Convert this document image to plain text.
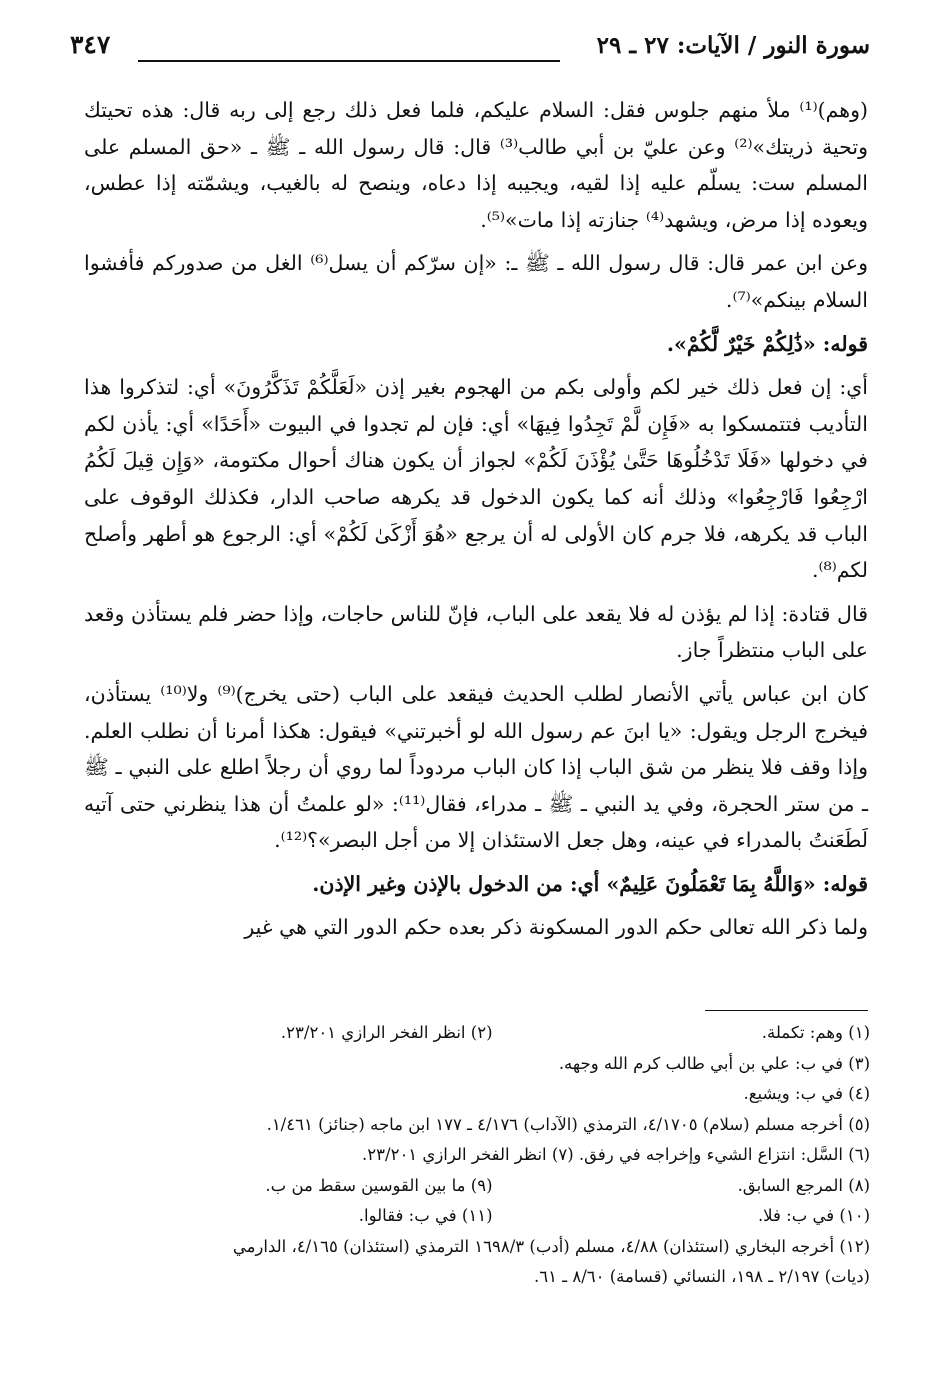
سورة النور / الآيات: ٢٧ ـ ٢٩
٣٤٧

(وهم)⁽¹⁾ ملأ منهم جلوس فقل: السلام عليكم، فلما فعل ذلك رجع إلى ربه قال: هذه تحيتك وتحية ذريتك»⁽²⁾ وعن عليّ بن أبي طالب⁽³⁾ قال: قال رسول الله ـ ﷺ ـ «حق المسلم على المسلم ست: يسلّم عليه إذا لقيه، ويجيبه إذا دعاه، وينصح له بالغيب، ويشمّته إذا عطس، ويعوده إذا مرض، ويشهد⁽⁴⁾ جنازته إذا مات»⁽⁵⁾.

وعن ابن عمر قال: قال رسول الله ـ ﷺ ـ: «إن سرّكم أن يسل⁽⁶⁾ الغل من صدوركم فأفشوا السلام بينكم»⁽⁷⁾.

قوله: «ذَٰلِكُمْ خَيْرٌ لَّكُمْ».

أي: إن فعل ذلك خير لكم وأولى بكم من الهجوم بغير إذن «لَعَلَّكُمْ تَذَكَّرُونَ» أي: لتذكروا هذا التأديب فتتمسكوا به «فَإِن لَّمْ تَجِدُوا فِيهَا» أي: فإن لم تجدوا في البيوت «أَحَدًا» أي: يأذن لكم في دخولها «فَلَا تَدْخُلُوهَا حَتَّىٰ يُؤْذَنَ لَكُمْ» لجواز أن يكون هناك أحوال مكتومة، «وَإِن قِيلَ لَكُمُ ارْجِعُوا فَارْجِعُوا» وذلك أنه كما يكون الدخول قد يكرهه صاحب الدار، فكذلك الوقوف على الباب قد يكرهه، فلا جرم كان الأولى له أن يرجع «هُوَ أَزْكَىٰ لَكُمْ» أي: الرجوع هو أطهر وأصلح لكم⁽⁸⁾.

قال قتادة: إذا لم يؤذن له فلا يقعد على الباب، فإنّ للناس حاجات، وإذا حضر فلم يستأذن وقعد على الباب منتظراً جاز.

كان ابن عباس يأتي الأنصار لطلب الحديث فيقعد على الباب (حتى يخرج)⁽⁹⁾ ولا⁽¹⁰⁾ يستأذن، فيخرج الرجل ويقول: «يا ابنَ عم رسول الله لو أخبرتني» فيقول: هكذا أمرنا أن نطلب العلم. وإذا وقف فلا ينظر من شق الباب إذا كان الباب مردوداً لما روي أن رجلاً اطلع على النبي ـ ﷺ ـ من ستر الحجرة، وفي يد النبي ـ ﷺ ـ مدراء، فقال⁽¹¹⁾: «لو علمتُ أن هذا ينظرني حتى آتيه لَطَعَنتُ بالمدراء في عينه، وهل جعل الاستئذان إلا من أجل البصر»؟⁽¹²⁾.

قوله: «وَاللَّهُ بِمَا تَعْمَلُونَ عَلِيمٌ» أي: من الدخول بالإذن وغير الإذن.

ولما ذكر الله تعالى حكم الدور المسكونة ذكر بعده حكم الدور التي هي غير

(١) وهم: تكملة.
(٢) انظر الفخر الرازي ٢٣/٢٠١.
(٣) في ب: علي بن أبي طالب كرم الله وجهه.
(٤) في ب: ويشيع.
(٥) أخرجه مسلم (سلام) ٤/١٧٠٥، الترمذي (الآداب) ٤/١٧٦ ـ ١٧٧ ابن ماجه (جنائز) ١/٤٦١.
(٦) السَّل: انتزاع الشيء وإخراجه في رفق. (٧) انظر الفخر الرازي ٢٣/٢٠١.
(٨) المرجع السابق.
(٩) ما بين القوسين سقط من ب.
(١٠) في ب: فلا.
(١١) في ب: فقالوا.
(١٢) أخرجه البخاري (استئذان) ٤/٨٨، مسلم (أدب) ١٦٩٨/٣ الترمذي (استئذان) ٤/١٦٥، الدارمي
(ديات) ٢/١٩٧ ـ ١٩٨، النسائي (قسامة) ٨/٦٠ ـ ٦١.
